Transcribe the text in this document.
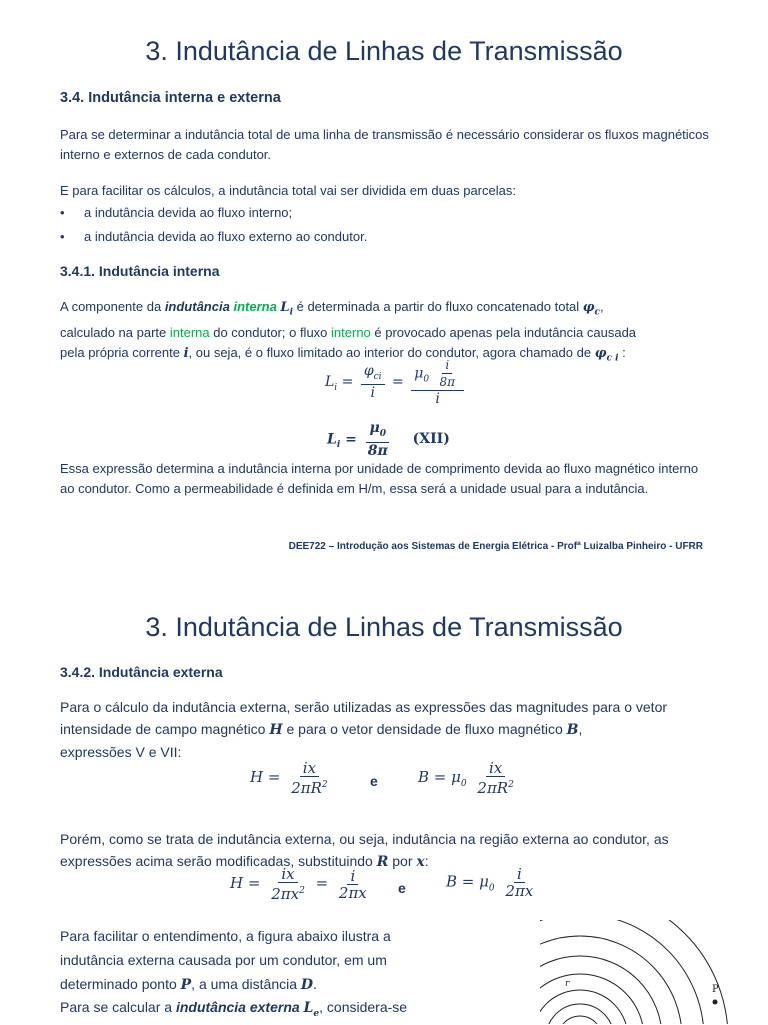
3. Indutância de Linhas de Transmissão
3.4. Indutância interna e externa
Para se determinar a indutância total de uma linha de transmissão é necessário considerar os fluxos magnéticos interno e externos de cada condutor.
E para facilitar os cálculos, a indutância total vai ser dividida em duas parcelas:
• a indutância devida ao fluxo interno;
• a indutância devida ao fluxo externo ao condutor.
3.4.1. Indutância interna
A componente da indutância interna $L_i$ é determinada a partir do fluxo concatenado total $\varphi_c$,
calculado na parte interna do condutor; o fluxo interno é provocado apenas pela indutância causada
pela própria corrente i, ou seja, é o fluxo limitado ao interior do condutor, agora chamado de $\varphi_{c i}$ :
$L_i = \frac{\varphi_{ci}}{i} = \frac{\mu_0 \frac{i}{8\pi}}{i}$
$L_i = \frac{\mu_0}{8\pi} (XII)$
Essa expressão determina a indutância interna por unidade de comprimento devida ao fluxo magnético interno ao condutor. Como a permeabilidade é definida em H/m, essa será a unidade usual para a indutância.
DEE722 – Introdução aos Sistemas de Energia Elétrica - Profª Luizalba Pinheiro - UFRR
3. Indutância de Linhas de Transmissão
3.4.2. Indutância externa
Para o cálculo da indutância externa, serão utilizadas as expressões das magnitudes para o vetor intensidade de campo magnético H e para o vetor densidade de fluxo magnético B,
expressões V e VII:
$H = \frac{ix}{2\pi R^2}$	e	$B = \mu_0 \frac{ix}{2\pi R^2}$
Porém, como se trata de indutância externa, ou seja, indutância na região externa ao condutor, as expressões acima serão modificadas, substituindo R por x:
$H = \frac{ix}{2\pi x^2} = \frac{i}{2\pi x}$ e	$B = \mu_0 \frac{i}{2\pi x}$
Para facilitar o entendimento, a figura abaixo ilustra a indutância externa causada por um condutor, em um determinado ponto P, a uma distância D.
Para se calcular a indutância externa $L_e$, considera-se
r	P
